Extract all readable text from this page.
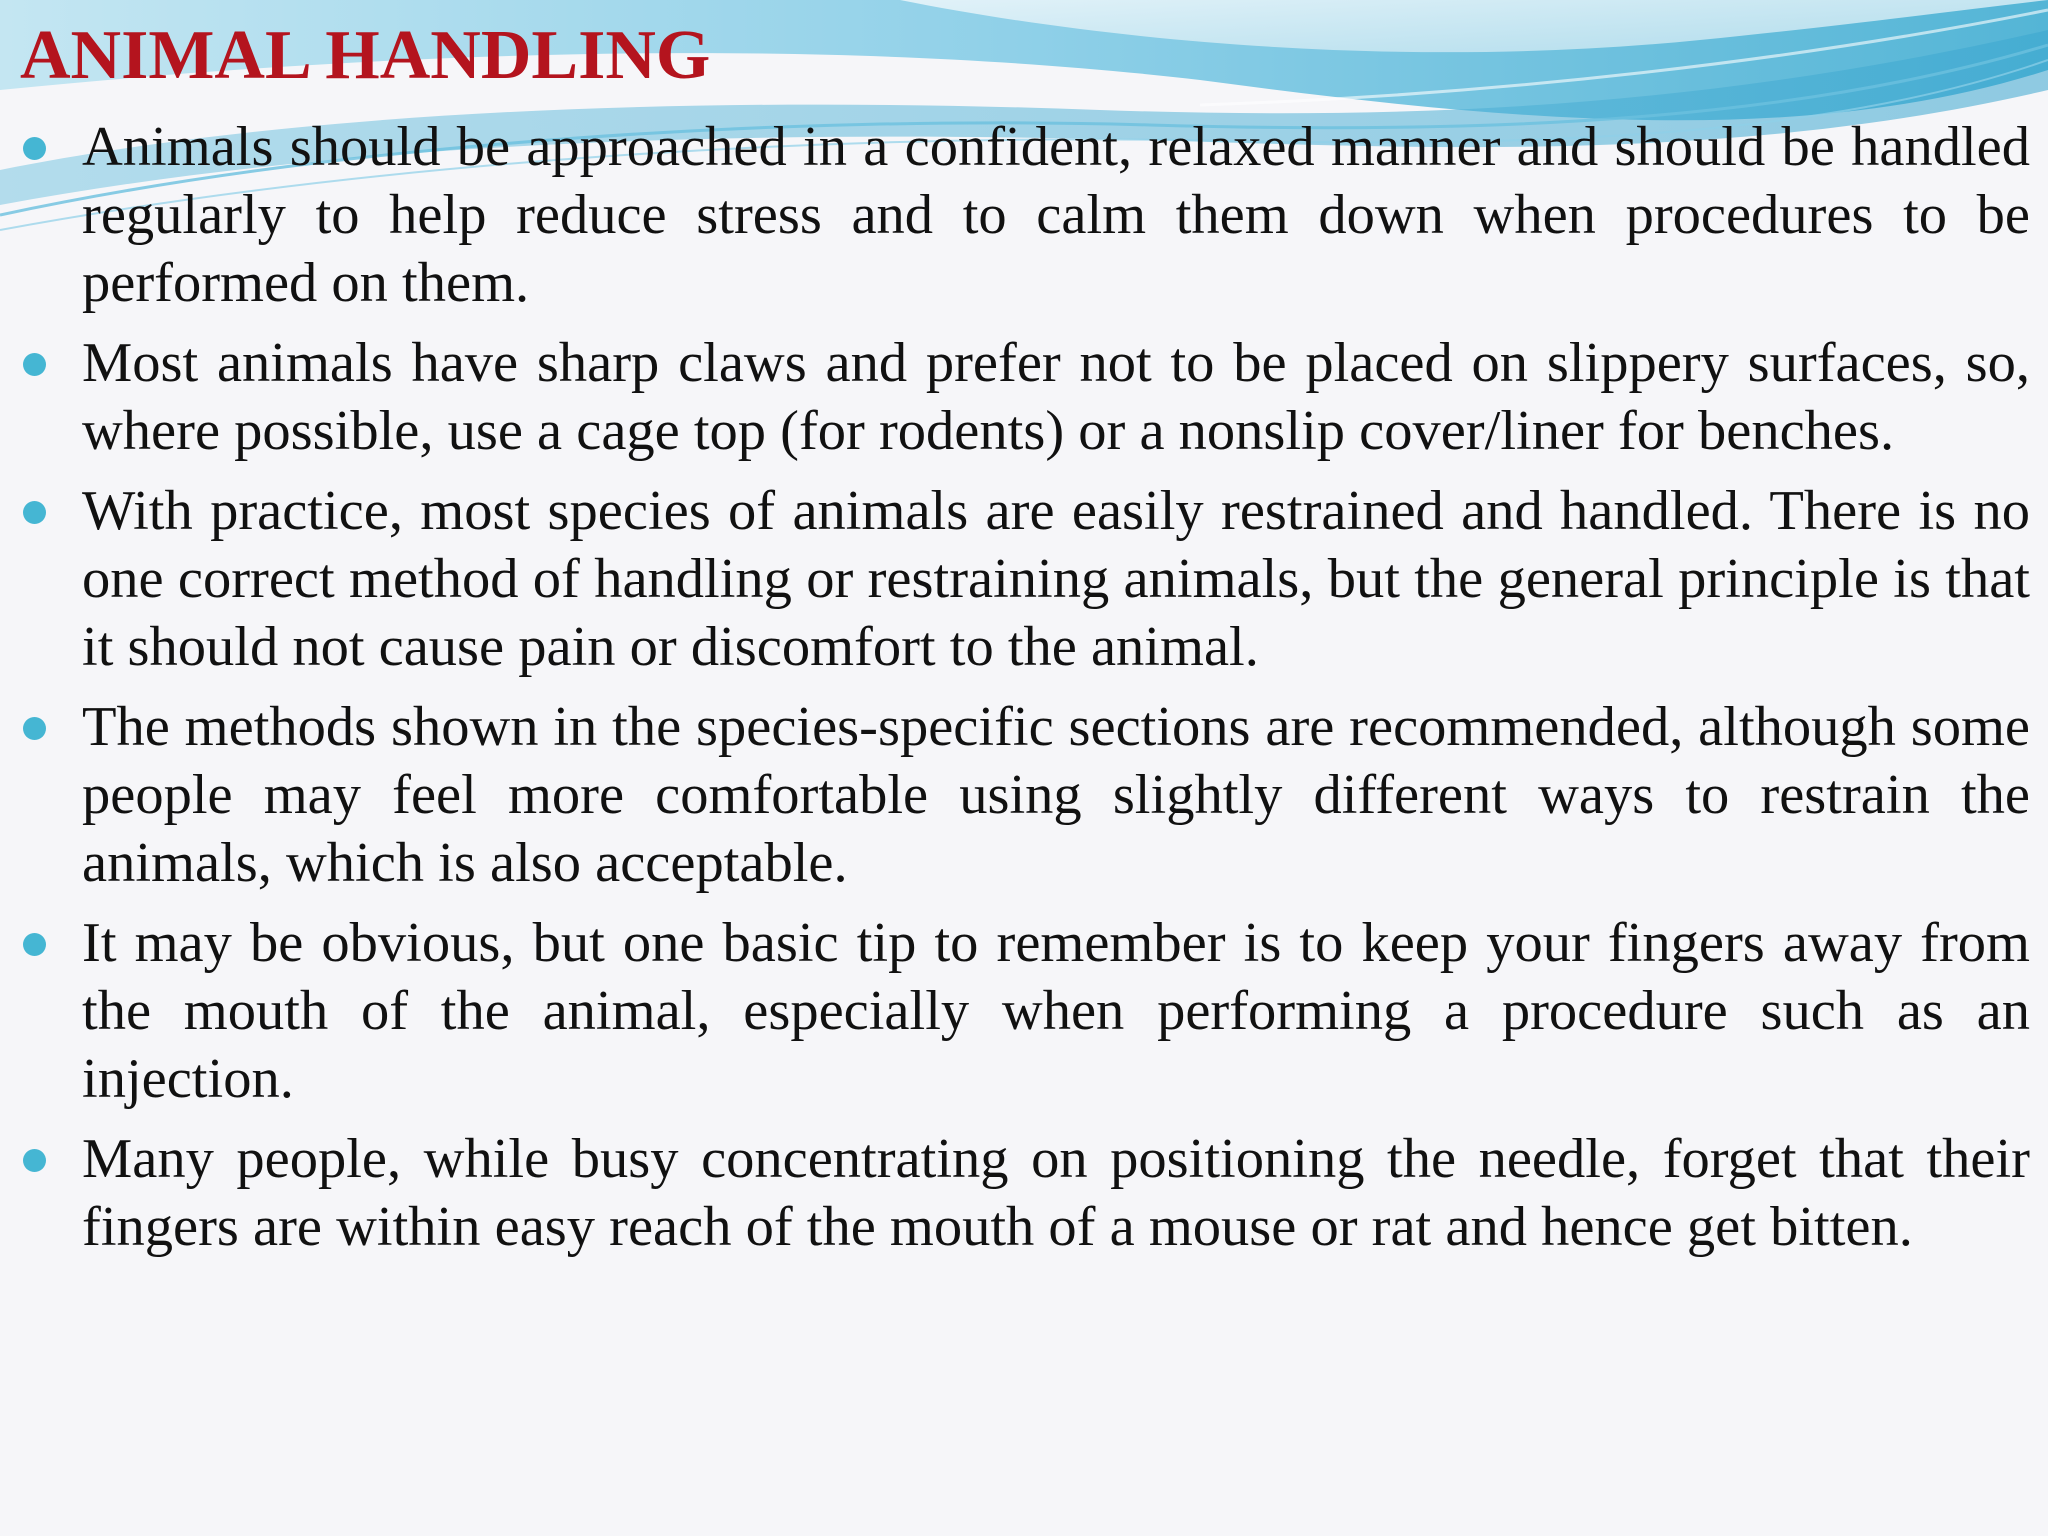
ANIMAL HANDLING
Animals should be approached in a confident, relaxed manner and should be handled regularly to help reduce stress and to calm them down when procedures to be performed on them.
Most animals have sharp claws and prefer not to be placed on slippery surfaces, so, where possible, use a cage top (for rodents) or a nonslip cover/liner for benches.
With practice, most species of animals are easily restrained and handled. There is no one correct method of handling or restraining animals, but the general principle is that it should not cause pain or discomfort to the animal.
The methods shown in the species-specific sections are recommended, although some people may feel more comfortable using slightly different ways to restrain the animals, which is also acceptable.
It may be obvious, but one basic tip to remember is to keep your fingers away from the mouth of the animal, especially when performing a procedure such as an injection.
Many people, while busy concentrating on positioning the needle, forget that their fingers are within easy reach of the mouth of a mouse or rat and hence get bitten.
